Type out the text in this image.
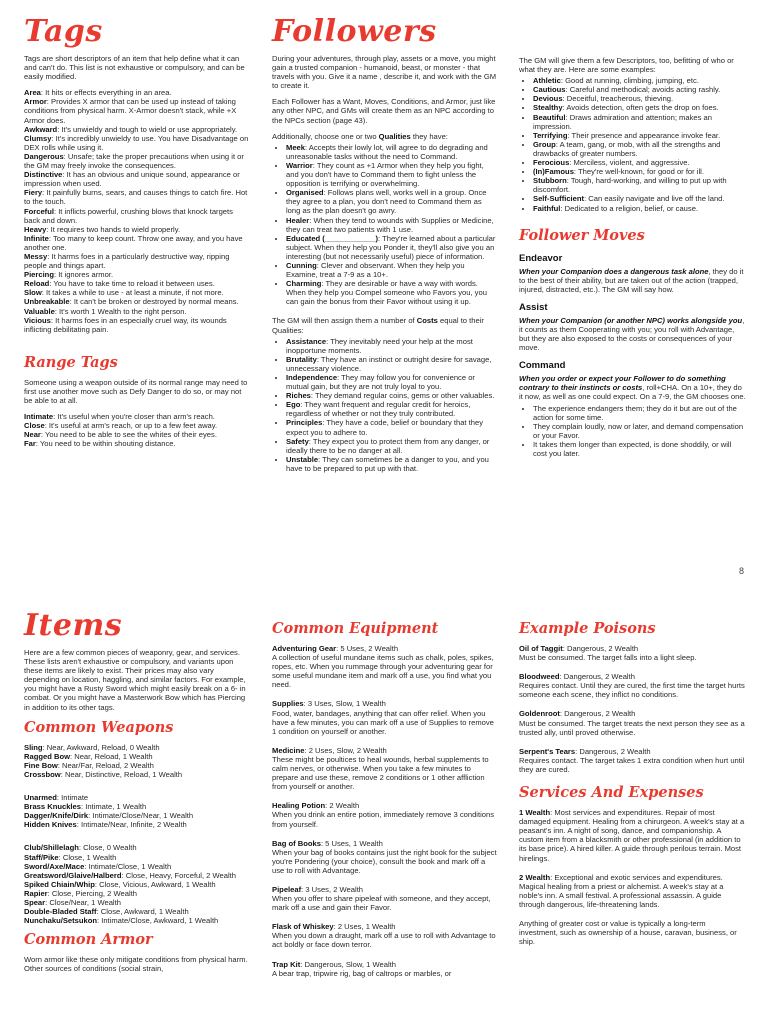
Tags

Tags are short descriptors of an item that help define what it can and can't do. This list is not exhaustive or compulsory, and can be easily modified.

Area: It hits or effects everything in an area.
Armor: Provides X armor that can be used up instead of taking conditions from physical harm. X-Armor doesn't stack, while +X Armor does.
Awkward: It's unwieldy and tough to wield or use appropriately.
Clumsy: It's incredibly unwieldy to use. You have Disadvantage on DEX rolls while using it.
Dangerous: Unsafe; take the proper precautions when using it or the GM may freely invoke the consequences.
Distinctive: It has an obvious and unique sound, appearance or impression when used.
Fiery: It painfully burns, sears, and causes things to catch fire. Hot to the touch.
Forceful: It inflicts powerful, crushing blows that knock targets back and down.
Heavy: It requires two hands to wield properly.
Infinite: Too many to keep count. Throw one away, and you have another one.
Messy: It harms foes in a particularly destructive way, ripping people and things apart.
Piercing: It ignores armor.
Reload: You have to take time to reload it between uses.
Slow: It takes a while to use - at least a minute, if not more.
Unbreakable: It can't be broken or destroyed by normal means.
Valuable: It's worth 1 Wealth to the right person.
Vicious: It harms foes in an especially cruel way, its wounds inflicting debilitating pain.
Range Tags

Someone using a weapon outside of its normal range may need to first use another move such as Defy Danger to do so, or may not be able to at all.

Intimate: It's useful when you're closer than arm's reach.
Close: It's useful at arm's reach, or up to a few feet away.
Near: You need to be able to see the whites of their eyes.
Far: You need to be within shouting distance.
Followers

During your adventures, through play, assets or a move, you might gain a trusted companion - humanoid, beast, or monster - that travels with you. Give it a name , describe it, and work with the GM to create it.

Each Follower has a Want, Moves, Conditions, and Armor, just like any other NPC, and GMs will create them as an NPC according to the NPCs section (page 43).

Additionally, choose one or two Qualities they have:

• Meek: Accepts their lowly lot, will agree to do degrading and unreasonable tasks without the need to Command.
• Warrior: They count as +1 Armor when they help you fight, and you don't have to Command them to fight unless the opposition is terrifying or overwhelming.
• Organised: Follows plans well, works well in a group. Once they agree to a plan, you don't need to Command them as long as the plan doesn't go awry.
• Healer: When they tend to wounds with Supplies or Medicine, they can treat two patients with 1 use.
• Educated (____________): They're learned about a particular subject. When they help you Ponder it, they'll also give you an interesting (but not necessarily useful) piece of information.
• Cunning: Clever and observant. When they help you Examine, treat a 7-9 as a 10+.
• Charming: They are desirable or have a way with words. When they help you Compel someone who Favors you, you can gain the bonus from their Favor without using it up.

The GM will then assign them a number of Costs equal to their Qualities:

• Assistance: They inevitably need your help at the most inopportune moments.
• Brutality: They have an instinct or outright desire for savage, unnecessary violence.
• Independence: They may follow you for convenience or mutual gain, but they are not truly loyal to you.
• Riches: They demand regular coins, gems or other valuables.
• Ego: They want frequent and regular credit for heroics, regardless of whether or not they truly contributed.
• Principles: They have a code, belief or boundary that they expect you to adhere to.
• Safety: They expect you to protect them from any danger, or ideally there to be no danger at all.
• Unstable: They can sometimes be a danger to you, and you have to be prepared to put up with that.

The GM will give them a few Descriptors, too, befitting of who or what they are. Here are some examples:

• Athletic: Good at running, climbing, jumping, etc.
• Cautious: Careful and methodical; avoids acting rashly.
• Devious: Deceitful, treacherous, thieving.
• Stealthy: Avoids detection, often gets the drop on foes.
• Beautiful: Draws admiration and attention; makes an impression.
• Terrifying: Their presence and appearance invoke fear.
• Group: A team, gang, or mob, with all the strengths and drawbacks of greater numbers.
• Ferocious: Merciless, violent, and aggressive.
• (In)Famous: They're well-known, for good or for ill.
• Stubborn: Tough, hard-working, and willing to put up with discomfort.
• Self-Sufficient: Can easily navigate and live off the land.
• Faithful: Dedicated to a religion, belief, or cause.
Follower Moves
Endeavor

When your Companion does a dangerous task alone, they do it to the best of their ability, but are taken out of the action (trapped, injured, distracted, etc.). The GM will say how.

Assist

When your Companion (or another NPC) works alongside you, it counts as them Cooperating with you; you roll with Advantage, but they are also exposed to the costs or consequences of your move.

Command

When you order or expect your Follower to do something contrary to their instincts or costs, roll+CHA. On a 10+, they do it now, as well as one could expect. On a 7-9, the GM chooses one.

• The experience endangers them; they do it but are out of the action for some time.
• They complain loudly, now or later, and demand compensation or your Favor.
• It takes them longer than expected, is done shoddily, or will cost you later.
8
Items

Here are a few common pieces of weaponry, gear, and services. These lists aren't exhaustive or compulsory, and variants upon these items are likely to exist. Their prices may also vary depending on location, haggling, and similar factors. For example, you might have a Rusty Sword which might easily break on a 6- in combat. Or you might have a Masterwork Bow which has Piercing in addition to its other tags.

Common Weapons
Sling: Near, Awkward, Reload, 0 Wealth
Ragged Bow: Near, Reload, 1 Wealth
Fine Bow: Near/Far, Reload, 2 Wealth
Crossbow: Near, Distinctive, Reload, 1 Wealth
Unarmed: Intimate
Brass Knuckles: Intimate, 1 Wealth
Dagger/Knife/Dirk: Intimate/Close/Near, 1 Wealth
Hidden Knives: Intimate/Near, Infinite, 2 Wealth
Club/Shillelagh: Close, 0 Wealth
Staff/Pike: Close, 1 Wealth
Sword/Axe/Mace: Intimate/Close, 1 Wealth
Greatsword/Glaive/Halberd: Close, Heavy, Forceful, 2 Wealth
Spiked Chiain/Whip: Close, Vicious, Awkward, 1 Wealth
Rapier: Close, Piercing, 2 Wealth
Spear: Close/Near, 1 Wealth
Double-Bladed Staff: Close, Awkward, 1 Wealth
Nunchaku/Setsukon: Intimate/Close, Awkward, 1 Wealth
Common Armor

Worn armor like these only mitigate conditions from physical harm. Other sources of conditions (social strain,

Common Equipment
Adventuring Gear: 5 Uses, 2 Wealth
A collection of useful mundane items such as chalk, poles, spikes, ropes, etc. When you rummage through your adventuring gear for some useful mundane item and mark off a use, you find what you need.
Supplies: 3 Uses, Slow, 1 Wealth
Food, water, bandages, anything that can offer relief. When you have a few minutes, you can mark off a use of Supplies to remove 1 condition on yourself or another.
Medicine: 2 Uses, Slow, 2 Wealth
These might be poultices to heal wounds, herbal supplements to calm nerves, or otherwise. When you take a few minutes to prepare and use these, remove 2 conditions or 1 other affliction from yourself or another.
Healing Potion: 2 Wealth
When you drink an entire potion, immediately remove 3 conditions from yourself.
Bag of Books: 5 Uses, 1 Wealth
When your bag of books contains just the right book for the subject you're Pondering (your choice), consult the book and mark off a use to roll with Advantage.
Pipeleaf: 3 Uses, 2 Wealth
When you offer to share pipeleaf with someone, and they accept, mark off a use and gain their Favor.
Flask of Whiskey: 2 Uses, 1 Wealth
When you down a draught, mark off a use to roll with Advantage to act boldly or face down terror.
Trap Kit: Dangerous, Slow, 1 Wealth
A bear trap, tripwire rig, bag of caltrops or marbles, or
Example Poisons
Oil of Taggit: Dangerous, 2 Wealth
Must be consumed. The target falls into a light sleep.
Bloodweed: Dangerous, 2 Wealth
Requires contact. Until they are cured, the first time the target hurts someone each scene, they inflict no conditions.
Goldenroot: Dangerous, 2 Wealth
Must be consumed. The target treats the next person they see as a trusted ally, until proved otherwise.
Serpent's Tears: Dangerous, 2 Wealth
Requires contact. The target takes 1 extra condition when hurt until they are cured.
Services And Expenses

1 Wealth: Most services and expenditures. Repair of most damaged equipment. Healing from a chirurgeon. A week's stay at a peasant's inn. A night of song, dance, and companionship. A custom item from a blacksmith or other professional (in addition to its base price). A hired killer. A guide through perilous terrain. Most hirelings.

2 Wealth: Exceptional and exotic services and expenditures. Magical healing from a priest or alchemist. A week's stay at a noble's inn. A small festival. A professional assassin. A guide through dangerous, life-threatening lands.

Anything of greater cost or value is typically a long-term investment, such as ownership of a house, caravan, business, or ship.
